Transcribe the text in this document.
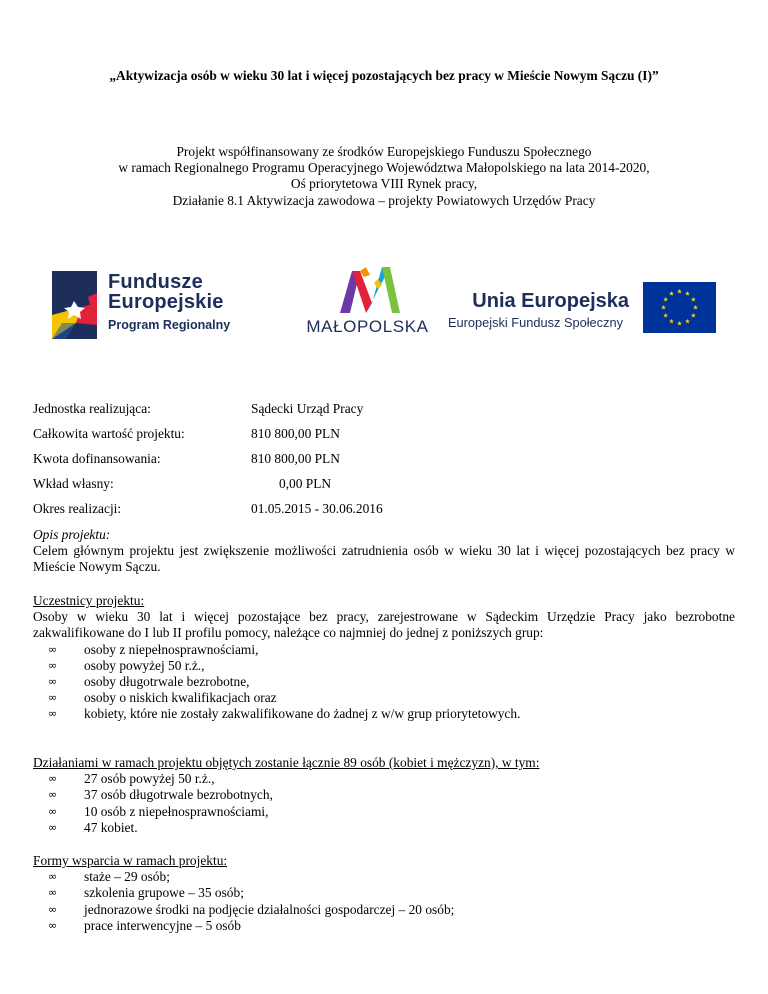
„Aktywizacja osób w wieku 30 lat i więcej pozostających bez pracy w Mieście Nowym Sączu (I)”
Projekt współfinansowany ze środków Europejskiego Funduszu Społecznego
w ramach Regionalnego Programu Operacyjnego Województwa Małopolskiego na lata 2014-2020,
Oś priorytetowa VIII Rynek pracy,
Działanie 8.1 Aktywizacja zawodowa – projekty Powiatowych Urzędów Pracy
Fundusze
Europejskie
Program Regionalny	MAŁOPOLSKA
Unia Europejska
Europejski Fundusz Społeczny
Jednostka realizująca:	Sądecki Urząd Pracy
Całkowita wartość projektu:	810 800,00 PLN
Kwota dofinansowania:	810 800,00 PLN
Wkład własny:	0,00 PLN
Okres realizacji:	01.05.2015 - 30.06.2016
Opis projektu:
Celem głównym projektu jest zwiększenie możliwości zatrudnienia osób w wieku 30 lat i więcej pozostających bez pracy w Mieście Nowym Sączu.
Uczestnicy projektu:
Osoby w wieku 30 lat i więcej pozostające bez pracy, zarejestrowane w Sądeckim Urzędzie Pracy jako bezrobotne zakwalifikowane do I lub II profilu pomocy, należące co najmniej do jednej z poniższych grup:
∞ osoby z niepełnosprawnościami,
∞ osoby powyżej 50 r.ż.,
∞ osoby długotrwale bezrobotne,
∞ osoby o niskich kwalifikacjach oraz
∞ kobiety, które nie zostały zakwalifikowane do żadnej z w/w grup priorytetowych.
Działaniami w ramach projektu objętych zostanie łącznie 89 osób (kobiet i mężczyzn), w tym:
∞ 27 osób powyżej 50 r.ż.,
∞ 37 osób długotrwale bezrobotnych,
∞ 10 osób z niepełnosprawnościami,
∞ 47 kobiet.
Formy wsparcia w ramach projektu:
∞ staże – 29 osób;
∞ szkolenia grupowe – 35 osób;
∞ jednorazowe środki na podjęcie działalności gospodarczej – 20 osób;
∞ prace interwencyjne – 5 osób
